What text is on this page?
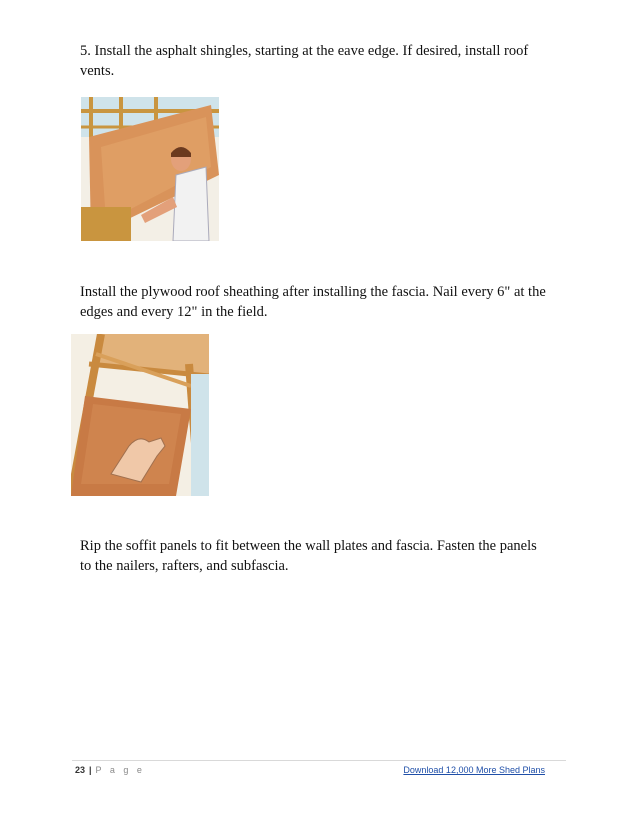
5. Install the asphalt shingles, starting at the eave edge. If desired, install roof vents.

Install the plywood roof sheathing after installing the fascia. Nail every 6" at the edges and every 12" in the field.

Rip the soffit panels to fit between the wall plates and fascia. Fasten the panels to the nailers, rafters, and subfascia.

23 | P a g e	Download 12,000 More Shed Plans
